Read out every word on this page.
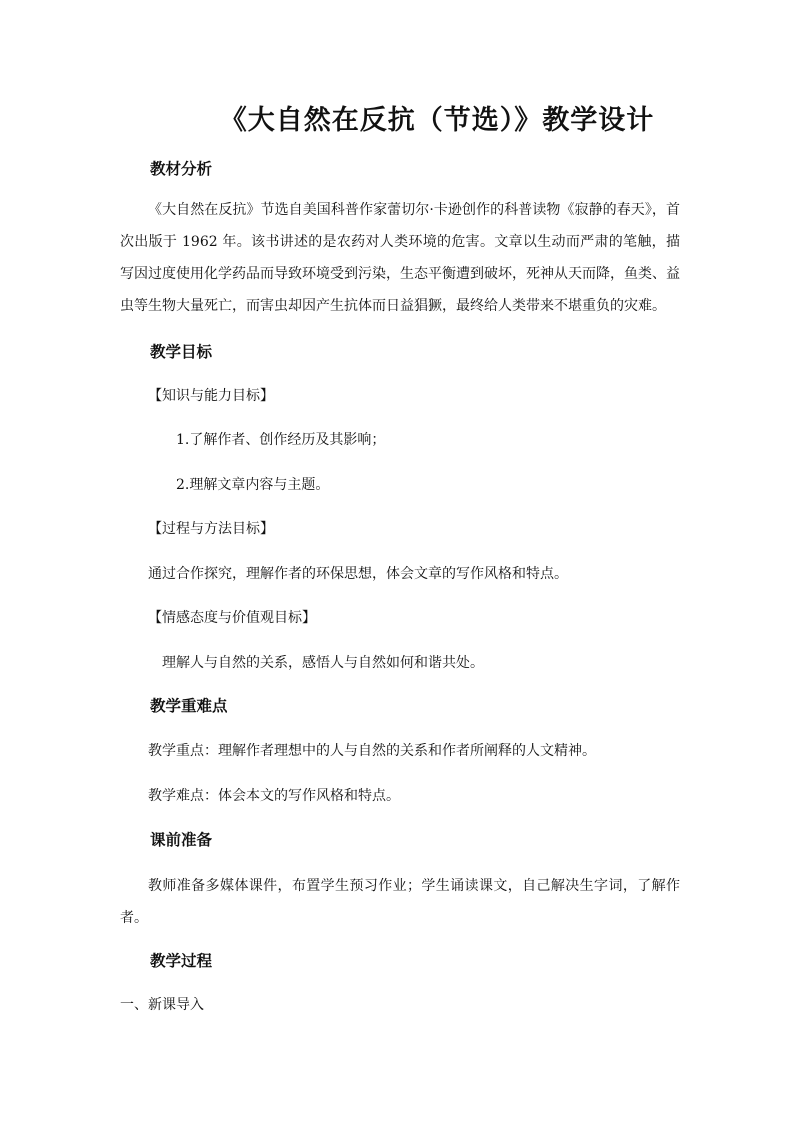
《大自然在反抗（节选）》教学设计
教材分析

《大自然在反抗》节选自美国科普作家蕾切尔·卡逊创作的科普读物《寂静的春天》，首次出版于 1962 年。该书讲述的是农药对人类环境的危害。文章以生动而严肃的笔触，描写因过度使用化学药品而导致环境受到污染，生态平衡遭到破坏，死神从天而降，鱼类、益虫等生物大量死亡，而害虫却因产生抗体而日益猖獗，最终给人类带来不堪重负的灾难。

教学目标
【知识与能力目标】
1.了解作者、创作经历及其影响；
2.理解文章内容与主题。
【过程与方法目标】
通过合作探究，理解作者的环保思想，体会文章的写作风格和特点。
【情感态度与价值观目标】
理解人与自然的关系，感悟人与自然如何和谐共处。
教学重难点
教学重点：理解作者理想中的人与自然的关系和作者所阐释的人文精神。
教学难点：体会本文的写作风格和特点。
课前准备

教师准备多媒体课件，布置学生预习作业；学生诵读课文，自己解决生字词，了解作者。

教学过程
一、新课导入
